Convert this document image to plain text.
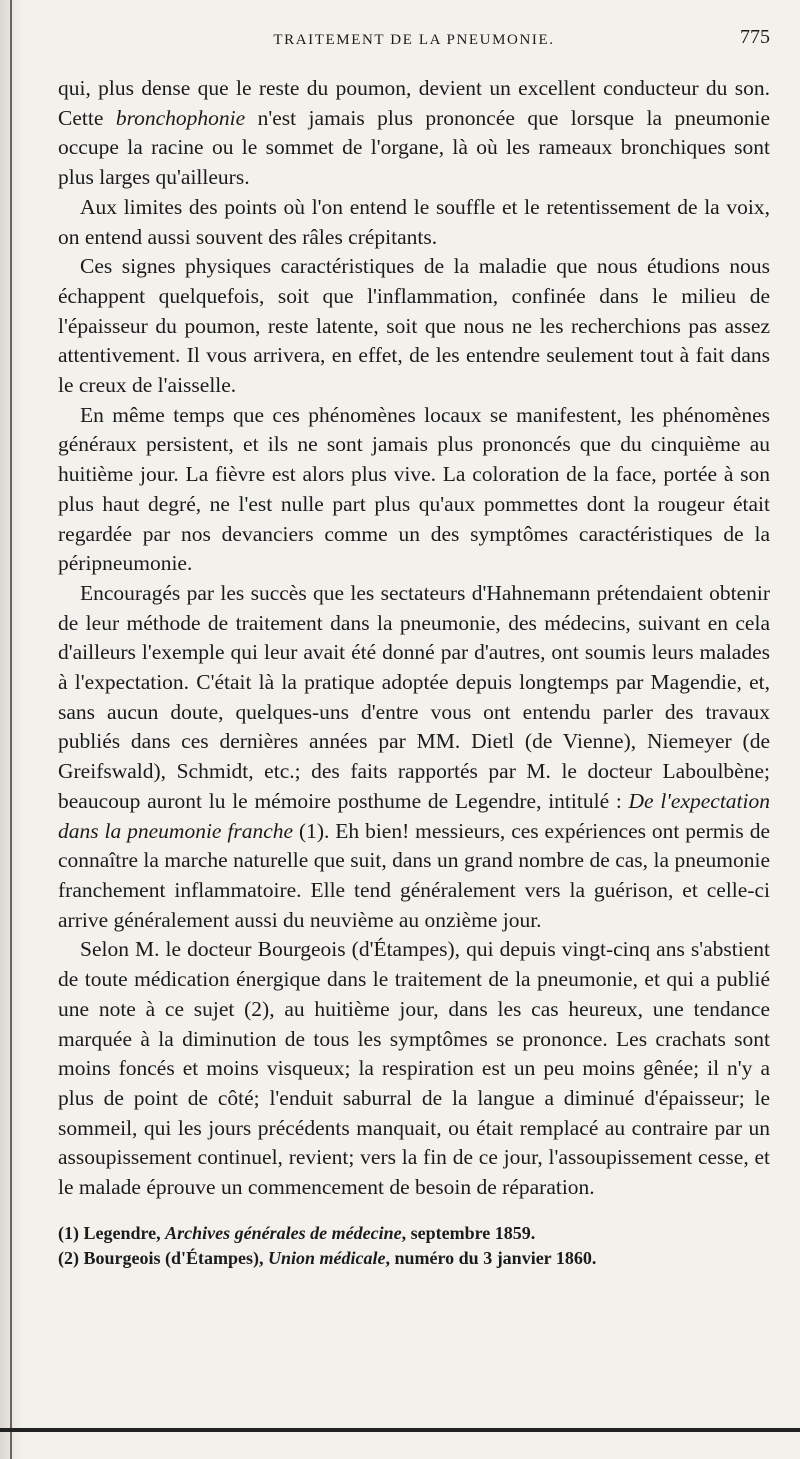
TRAITEMENT DE LA PNEUMONIE.	775

qui, plus dense que le reste du poumon, devient un excellent conducteur du son. Cette bronchophonie n'est jamais plus prononcée que lorsque la pneumonie occupe la racine ou le sommet de l'organe, là où les rameaux bronchiques sont plus larges qu'ailleurs.

Aux limites des points où l'on entend le souffle et le retentissement de la voix, on entend aussi souvent des râles crépitants.

Ces signes physiques caractéristiques de la maladie que nous étudions nous échappent quelquefois, soit que l'inflammation, confinée dans le milieu de l'épaisseur du poumon, reste latente, soit que nous ne les recherchions pas assez attentivement. Il vous arrivera, en effet, de les entendre seulement tout à fait dans le creux de l'aisselle.

En même temps que ces phénomènes locaux se manifestent, les phénomènes généraux persistent, et ils ne sont jamais plus prononcés que du cinquième au huitième jour. La fièvre est alors plus vive. La coloration de la face, portée à son plus haut degré, ne l'est nulle part plus qu'aux pommettes dont la rougeur était regardée par nos devanciers comme un des symptômes caractéristiques de la péripneumonie.

Encouragés par les succès que les sectateurs d'Hahnemann prétendaient obtenir de leur méthode de traitement dans la pneumonie, des médecins, suivant en cela d'ailleurs l'exemple qui leur avait été donné par d'autres, ont soumis leurs malades à l'expectation. C'était là la pratique adoptée depuis longtemps par Magendie, et, sans aucun doute, quelques-uns d'entre vous ont entendu parler des travaux publiés dans ces dernières années par MM. Dietl (de Vienne), Niemeyer (de Greifswald), Schmidt, etc.; des faits rapportés par M. le docteur Laboulbène; beaucoup auront lu le mémoire posthume de Legendre, intitulé : De l'expectation dans la pneumonie franche (1). Eh bien! messieurs, ces expériences ont permis de connaître la marche naturelle que suit, dans un grand nombre de cas, la pneumonie franchement inflammatoire. Elle tend généralement vers la guérison, et celle-ci arrive généralement aussi du neuvième au onzième jour.

Selon M. le docteur Bourgeois (d'Étampes), qui depuis vingt-cinq ans s'abstient de toute médication énergique dans le traitement de la pneumonie, et qui a publié une note à ce sujet (2), au huitième jour, dans les cas heureux, une tendance marquée à la diminution de tous les symptômes se prononce. Les crachats sont moins foncés et moins visqueux; la respiration est un peu moins gênée; il n'y a plus de point de côté; l'enduit saburral de la langue a diminué d'épaisseur; le sommeil, qui les jours précédents manquait, ou était remplacé au contraire par un assoupissement continuel, revient; vers la fin de ce jour, l'assoupissement cesse, et le malade éprouve un commencement de besoin de réparation.

(1) Legendre, Archives générales de médecine, septembre 1859.

(2) Bourgeois (d'Étampes), Union médicale, numéro du 3 janvier 1860.
